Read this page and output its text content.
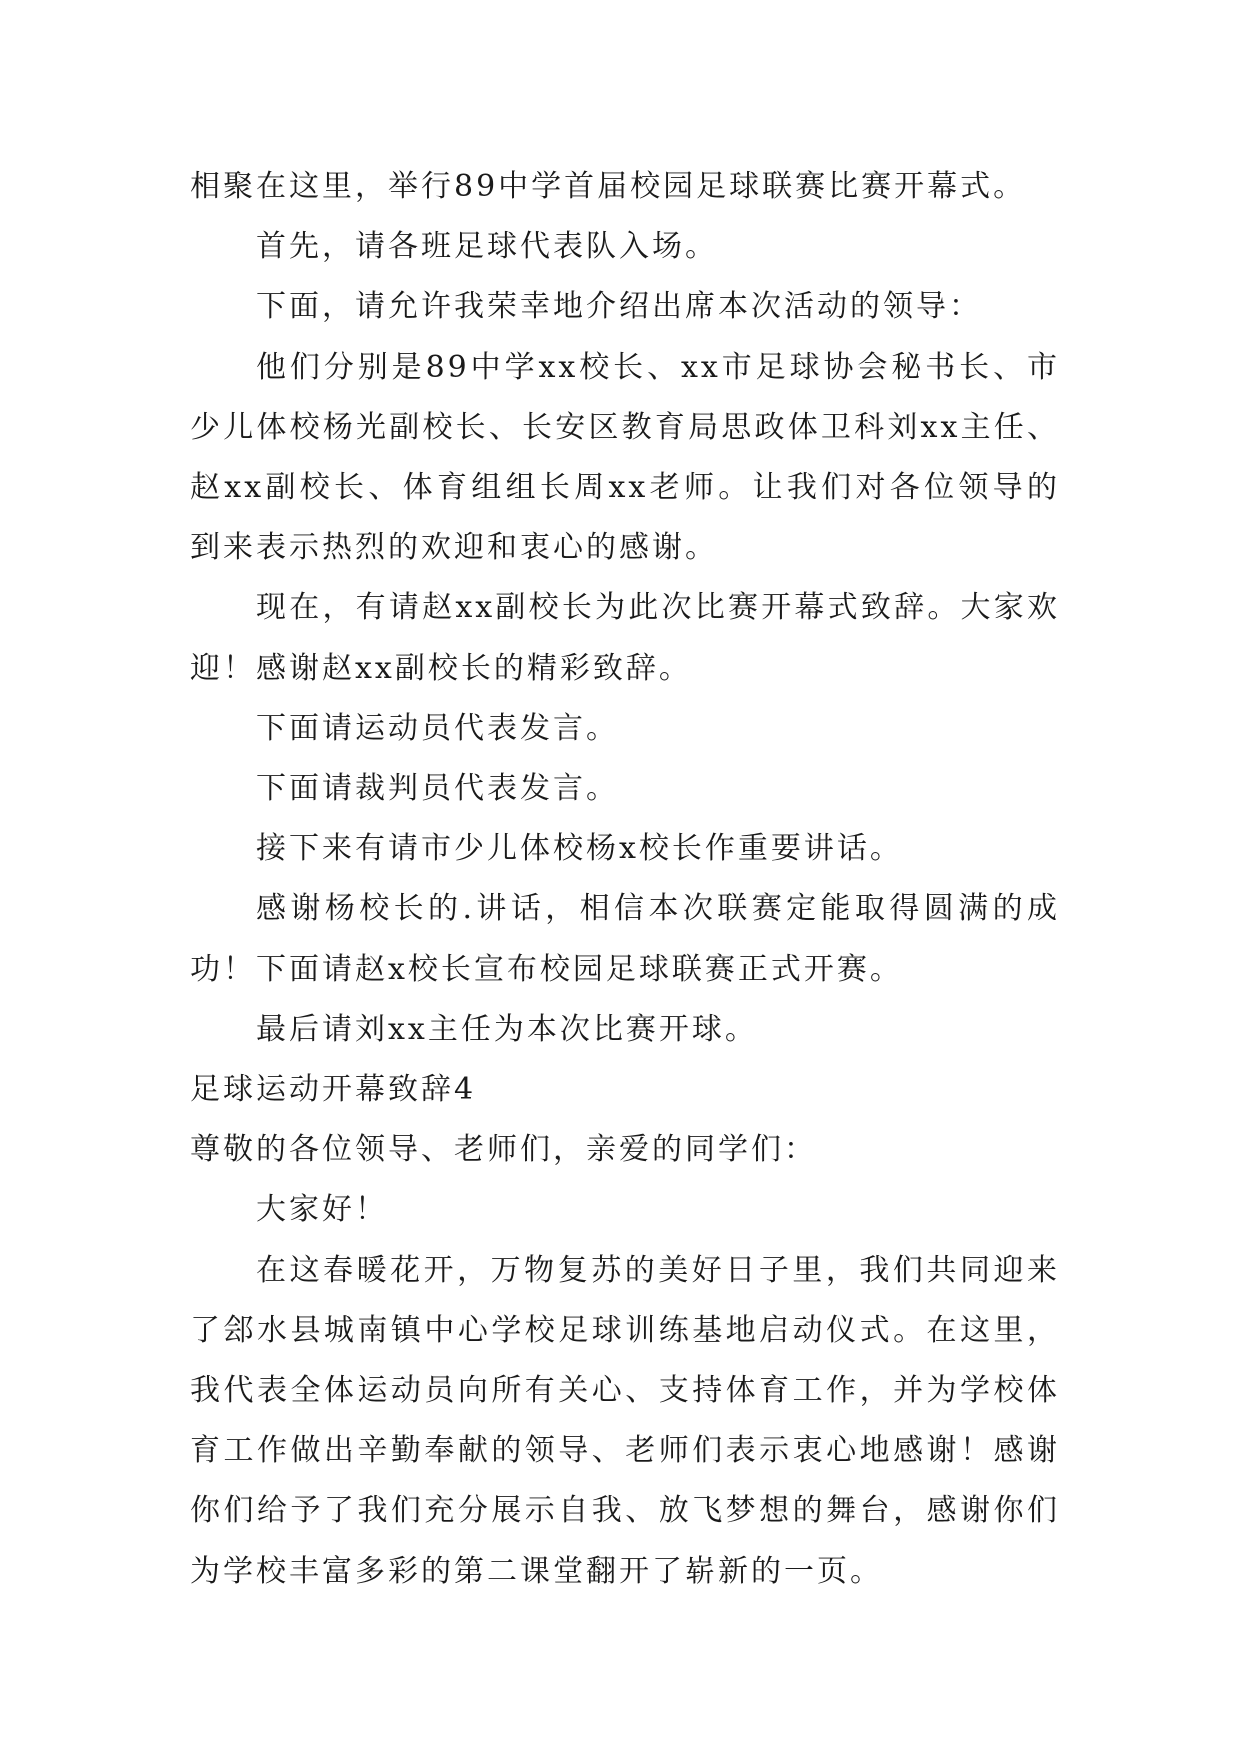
相聚在这里，举行89中学首届校园足球联赛比赛开幕式。

首先，请各班足球代表队入场。

下面，请允许我荣幸地介绍出席本次活动的领导：

他们分别是89中学xx校长、xx市足球协会秘书长、市少儿体校杨光副校长、长安区教育局思政体卫科刘xx主任、赵xx副校长、体育组组长周xx老师。让我们对各位领导的到来表示热烈的欢迎和衷心的感谢。

现在，有请赵xx副校长为此次比赛开幕式致辞。大家欢迎！感谢赵xx副校长的精彩致辞。

下面请运动员代表发言。

下面请裁判员代表发言。

接下来有请市少儿体校杨x校长作重要讲话。

感谢杨校长的.讲话，相信本次联赛定能取得圆满的成功！下面请赵x校长宣布校园足球联赛正式开赛。

最后请刘xx主任为本次比赛开球。

足球运动开幕致辞4

尊敬的各位领导、老师们，亲爱的同学们：

大家好！

在这春暖花开，万物复苏的美好日子里，我们共同迎来了郐水县城南镇中心学校足球训练基地启动仪式。在这里，我代表全体运动员向所有关心、支持体育工作，并为学校体育工作做出辛勤奉献的领导、老师们表示衷心地感谢！感谢你们给予了我们充分展示自我、放飞梦想的舞台，感谢你们为学校丰富多彩的第二课堂翻开了崭新的一页。
